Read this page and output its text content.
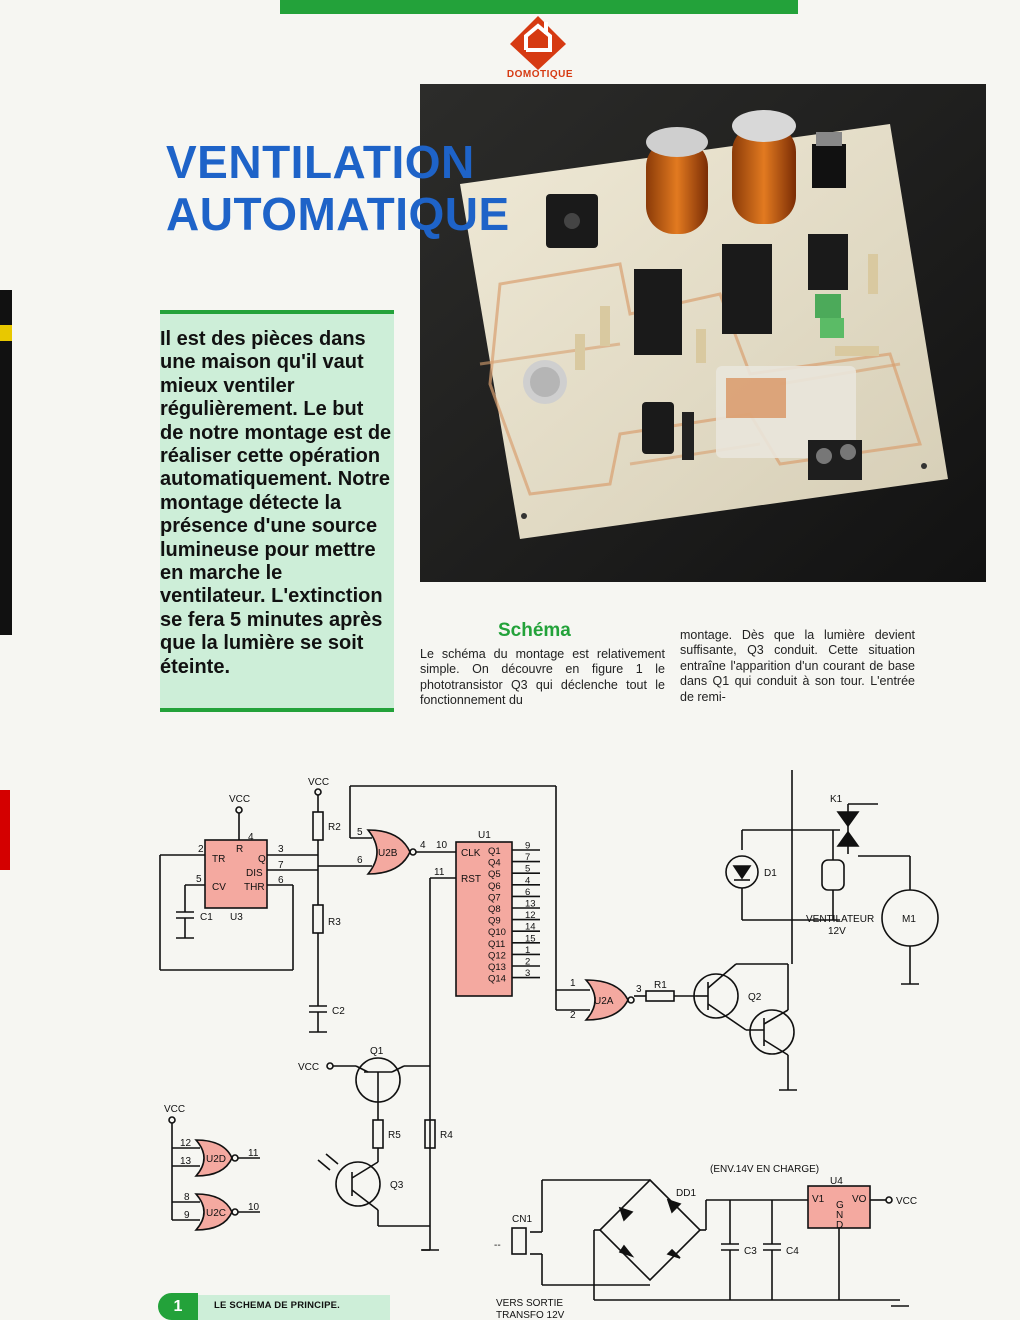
DOMOTIQUE
VENTILATION
AUTOMATIQUE
Il est des pièces dans une maison qu'il vaut mieux ventiler régulièrement. Le but de notre montage est de réaliser cette opération automatiquement. Notre montage détecte la présence d'une source lumineuse pour mettre en marche le ventilateur. L'extinction se fera 5 minutes après que la lumière se soit éteinte.
Schéma
Le schéma du montage est relativement simple. On découvre en figure 1 le phototransistor Q3 qui déclenche tout le fonctionnement du
montage. Dès que la lumière devient suffisante, Q3 conduit. Cette situation entraîne l'apparition d'un courant de base dans Q1 qui conduit à son tour. L'entrée de remi-
TR
R
Q
DIS
CV THR
U3
VCC
4
2
5
C1
3
7
6
VCC
R2
R3
C2
U2B
5
6
4 10
U1
CLK
RST
11
Q1	9
Q4	7
Q5	5
Q6	4
Q7	6
Q8	13
Q9	12
Q10 14
Q11 15
Q12 1
Q13 2
Q14 3
U2A
1
2
3 R1
Q2
D1
K1
M1
VENTILATEUR
12V
VCC
Q1
R5	R4
Q3
VCC
U2D
12
13
11
U2C
8
9
10
(ENV.14V EN CHARGE)
CN1
--
DD1
C3	C4
U4
V1	VO
G
N
D
VCC
VERS SORTIE
TRANSFO 12V
1	LE SCHEMA DE PRINCIPE.
